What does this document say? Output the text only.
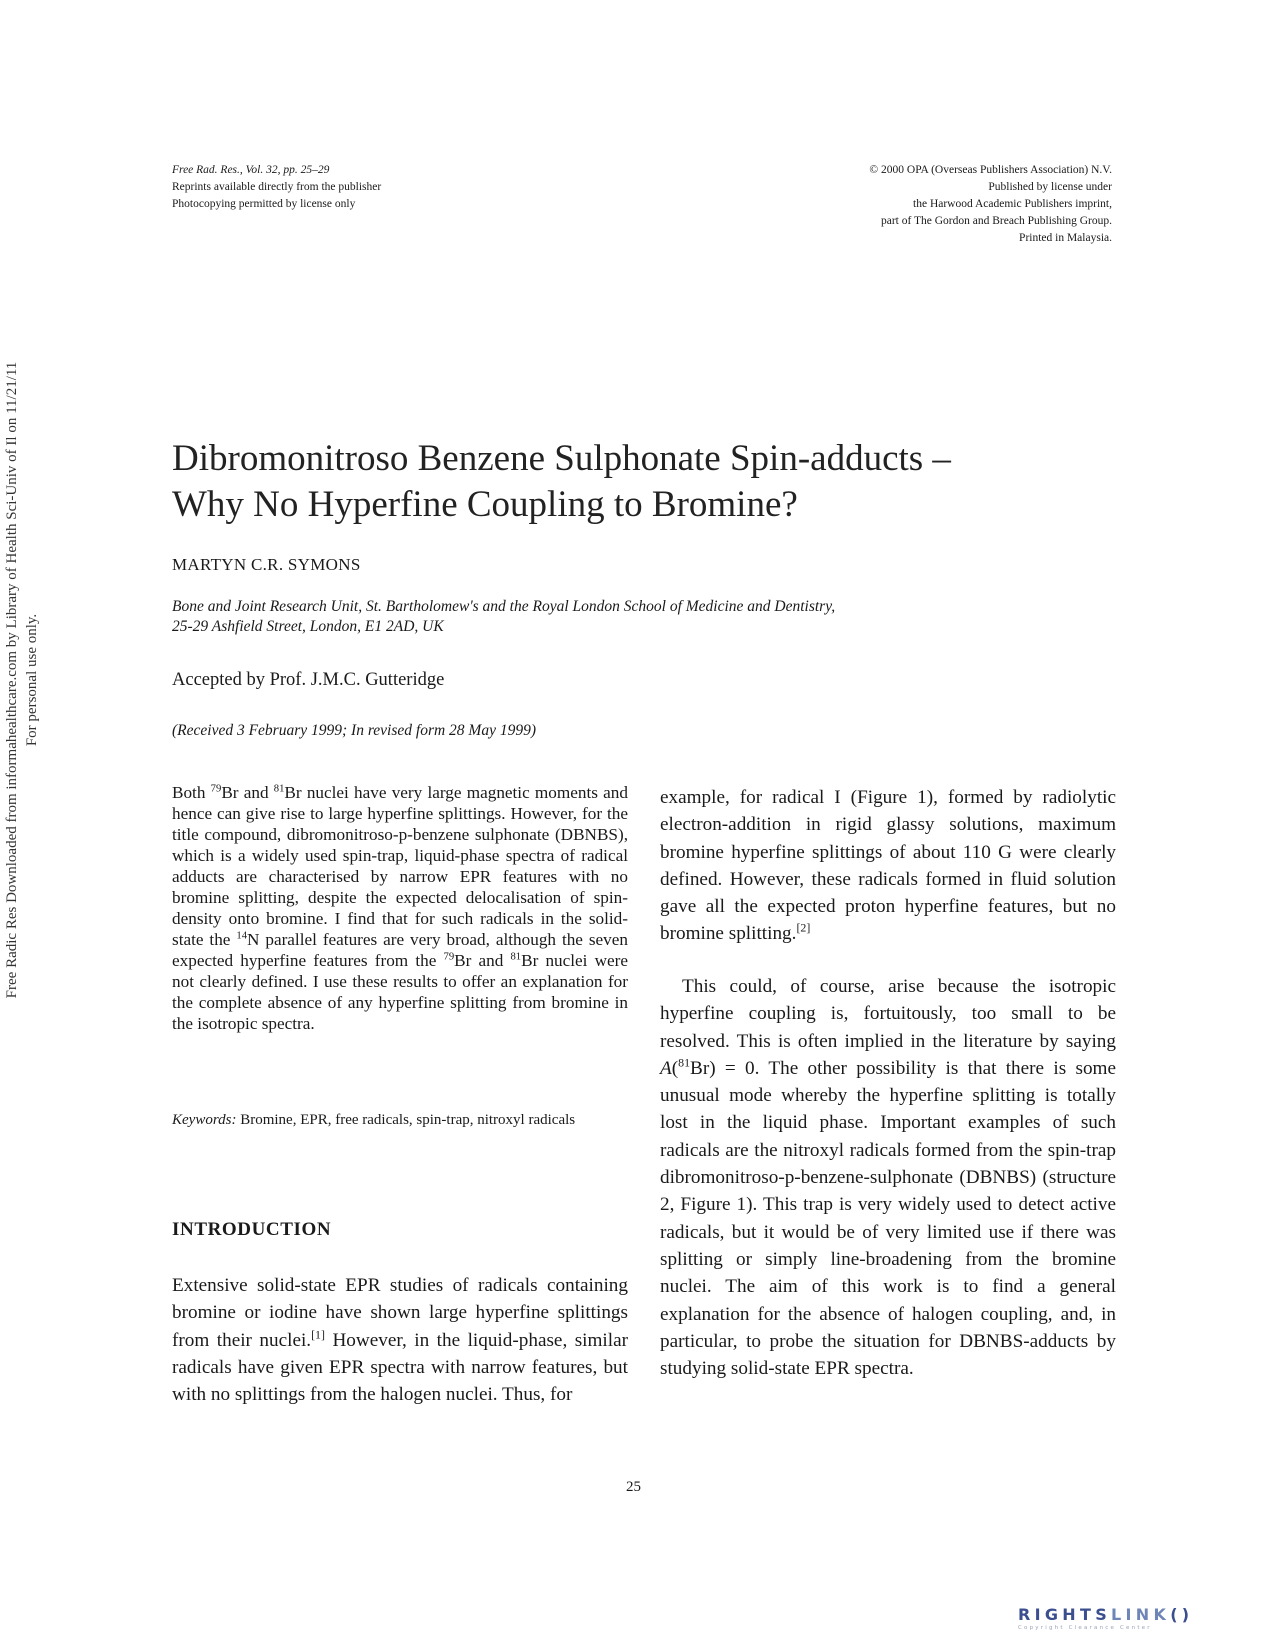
Free Rad. Res., Vol. 32, pp. 25–29
Reprints available directly from the publisher
Photocopying permitted by license only
© 2000 OPA (Overseas Publishers Association) N.V.
Published by license under
the Harwood Academic Publishers imprint,
part of The Gordon and Breach Publishing Group.
Printed in Malaysia.
Free Radic Res Downloaded from informahealthcare.com by Library of Health Sci-Univ of Il on 11/21/11 For personal use only.
Dibromonitroso Benzene Sulphonate Spin-adducts –
Why No Hyperfine Coupling to Bromine?
MARTYN C.R. SYMONS
Bone and Joint Research Unit, St. Bartholomew's and the Royal London School of Medicine and Dentistry,
25-29 Ashfield Street, London, E1 2AD, UK
Accepted by Prof. J.M.C. Gutteridge
(Received 3 February 1999; In revised form 28 May 1999)

Both $^{79}$Br and $^{81}$Br nuclei have very large magnetic moments and hence can give rise to large hyperfine splittings. However, for the title compound, dibromonitroso-p-benzene sulphonate (DBNBS), which is a widely used spin-trap, liquid-phase spectra of radical adducts are characterised by narrow EPR features with no bromine splitting, despite the expected delocalisation of spin-density onto bromine. I find that for such radicals in the solid-state the $^{14}$N parallel features are very broad, although the seven expected hyperfine features from the $^{79}$Br and $^{81}$Br nuclei were not clearly defined. I use these results to offer an explanation for the complete absence of any hyperfine splitting from bromine in the isotropic spectra.

Keywords: Bromine, EPR, free radicals, spin-trap, nitroxyl radicals
INTRODUCTION

Extensive solid-state EPR studies of radicals containing bromine or iodine have shown large hyperfine splittings from their nuclei.[1] However, in the liquid-phase, similar radicals have given EPR spectra with narrow features, but with no splittings from the halogen nuclei. Thus, for

example, for radical I (Figure 1), formed by radiolytic electron-addition in rigid glassy solutions, maximum bromine hyperfine splittings of about 110 G were clearly defined. However, these radicals formed in fluid solution gave all the expected proton hyperfine features, but no bromine splitting.[2]

This could, of course, arise because the isotropic hyperfine coupling is, fortuitously, too small to be resolved. This is often implied in the literature by saying A($^{81}$Br) = 0. The other possibility is that there is some unusual mode whereby the hyperfine splitting is totally lost in the liquid phase. Important examples of such radicals are the nitroxyl radicals formed from the spin-trap dibromonitroso-p-benzene-sulphonate (DBNBS) (structure 2, Figure 1). This trap is very widely used to detect active radicals, but it would be of very limited use if there was splitting or simply line-broadening from the bromine nuclei. The aim of this work is to find a general explanation for the absence of halogen coupling, and, in particular, to probe the situation for DBNBS-adducts by studying solid-state EPR spectra.

25
RIGHTSLINK()
Copyright Clearance Center
